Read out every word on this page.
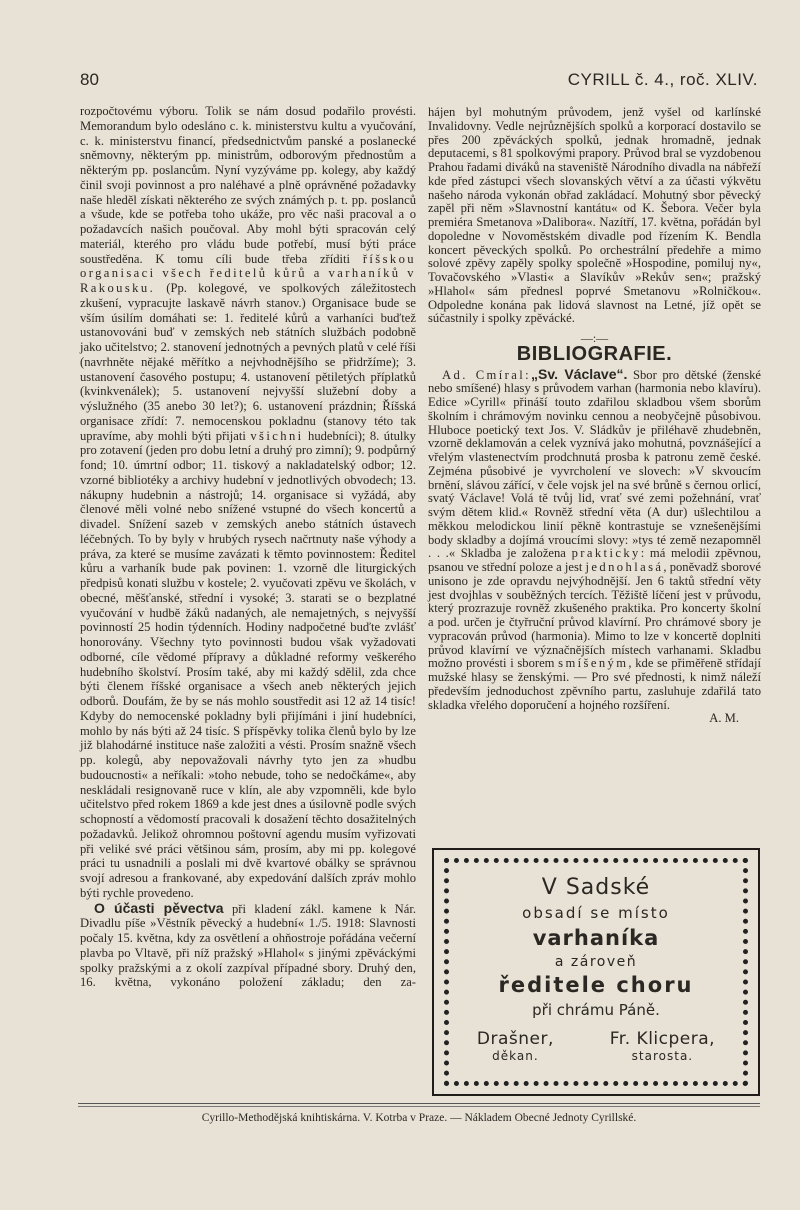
80	CYRILL č. 4., roč. XLIV.

rozpočtovému výboru. Tolik se nám dosud podařilo provésti. Memorandum bylo odesláno c. k. ministerstvu kultu a vyučování, c. k. ministerstvu financí, předsednictvům panské a poslanecké sněmovny, některým pp. ministrům, odborovým přednostům a některým pp. poslancům. Nyní vyzýváme pp. kolegy, aby každý činil svoji povinnost a pro naléhavé a plně oprávněné požadavky naše hleděl získati některého ze svých známých p. t. pp. poslanců a všude, kde se potřeba toho ukáže, pro věc naši pracoval a o požadavcích našich poučoval. Aby mohl býti spracován celý materiál, kterého pro vládu bude potřebí, musí býti práce soustředěna. K tomu cíli bude třeba zříditi říšskou organisaci všech ředitelů kůrů a varhaníků v Rakousku. (Pp. kolegové, ve spolkových záležitostech zkušení, vypracujte laskavě návrh stanov.) Organisace bude se vším úsilím domáhati se: 1. ředitelé kůrů a varhaníci buďtež ustanovováni buď v zemských neb státních službách podobně jako učitelstvo; 2. stanovení jednotných a pevných platů v celé říši (navrhněte nějaké měřítko a nejvhodnějšího se přidržíme); 3. ustanovení časového postupu; 4. ustanovení pětiletých příplatků (kvinkvenálek); 5. ustanovení nejvyšší služební doby a výslužného (35 anebo 30 let?); 6. ustanovení prázdnin; Říšská organisace zřídí: 7. nemocenskou pokladnu (stanovy této tak upravíme, aby mohli býti přijati všichni hudebníci); 8. útulky pro zotavení (jeden pro dobu letní a druhý pro zimní); 9. podpůrný fond; 10. úmrtní odbor; 11. tiskový a nakladatelský odbor; 12. vzorné bibliotéky a archivy hudební v jednotlivých obvodech; 13. nákupny hudebnin a nástrojů; 14. organisace si vyžádá, aby členové měli volné nebo snížené vstupné do všech koncertů a divadel. Snížení sazeb v zemských anebo státních ústavech léčebných. To by byly v hrubých rysech načrtnuty naše výhody a práva, za které se musíme zavázati k těmto povinnostem: Ředitel kůru a varhaník bude pak povinen: 1. vzorně dle liturgických předpisů konati službu v kostele; 2. vyučovati zpěvu ve školách, v obecné, měšťanské, střední i vysoké; 3. starati se o bezplatné vyučování v hudbě žáků nadaných, ale nemajetných, s nejvyšší povinností 25 hodin týdenních. Hodiny nadpočetné buďte zvlášť honorovány. Všechny tyto povinnosti budou však vyžadovati odborné, cíle vědomé přípravy a důkladné reformy veškerého hudebního školství. Prosím také, aby mi každý sdělil, zda chce býti členem říšské organisace a všech aneb některých jejich odborů. Doufám, že by se nás mohlo soustředit asi 12 až 14 tisíc! Kdyby do nemocenské pokladny byli přijímáni i jiní hudebníci, mohlo by nás býti až 24 tisíc. S příspěvky tolika členů bylo by lze již blahodárné instituce naše založiti a vésti. Prosím snažně všech pp. kolegů, aby nepovažovali návrhy tyto jen za »hudbu budoucnosti« a neříkali: »toho nebude, toho se nedočkáme«, aby neskládali resignovaně ruce v klín, ale aby vzpomněli, kde bylo učitelstvo před rokem 1869 a kde jest dnes a úsilovně podle svých schopností a vědomostí pracovali k dosažení těchto dosažitelných požadavků. Jelikož ohromnou poštovní agendu musím vyřizovati při veliké své práci většinou sám, prosím, aby mi pp. kolegové práci tu usnadnili a poslali mi dvě kvartové obálky se správnou svojí adresou a frankované, aby expedování dalších zpráv mohlo býti rychle provedeno.

O účasti pěvectva při kladení zákl. kamene k Nár. Divadlu píše »Věstník pěvecký a hudební« 1./5. 1918: Slavnosti počaly 15. května, kdy za osvětlení a ohňostroje pořádána večerní plavba po Vltavě, při níž pražský »Hlahol« s jinými zpěváckými spolky pražskými a z okolí zazpíval případné sbory. Druhý den, 16. května, vykonáno položení základu; den za-

hájen byl mohutným průvodem, jenž vyšel od karlínské Invalidovny. Vedle nejrůznějších spolků a korporací dostavilo se přes 200 zpěváckých spolků, jednak hromadně, jednak deputacemi, s 81 spolkovými prapory. Průvod bral se vyzdobenou Prahou řadami diváků na staveniště Národního divadla na nábřeží kde před zástupci všech slovanských větví a za účasti výkvětu našeho národa vykonán obřad zakládací. Mohutný sbor pěvecký zapěl při něm »Slavnostní kantátu« od K. Šebora. Večer byla premiéra Smetanova »Dalibora«. Nazítří, 17. května, pořádán byl dopoledne v Novoměstském divadle pod řízením K. Bendla koncert pěveckých spolků. Po orchestrální předehře a mimo solové zpěvy zapěly spolky společně »Hospodine, pomiluj ny«, Tovačovského »Vlasti« a Slavíkův »Rekův sen«; pražský »Hlahol« sám přednesl poprvé Smetanovu »Rolničkou«. Odpoledne konána pak lidová slavnost na Letné, jíž opět se súčastnily i spolky zpěvácké.

—:—
BIBLIOGRAFIE.

Ad. Cmíral:„Sv. Václave“. Sbor pro dětské (ženské nebo smíšené) hlasy s průvodem varhan (harmonia nebo klavíru). Edice »Cyrill« přináší touto zdařilou skladbou všem sborům školním i chrámovým novinku cennou a neobyčejně působivou. Hluboce poetický text Jos. V. Sládkův je přiléhavě zhudebněn, vzorně deklamován a celek vyznívá jako mohutná, povznášející a vřelým vlastenectvím prodchnutá prosba k patronu země české. Zejména působivé je vyvrcholení ve slovech: »V skvoucím brnění, slávou zářící, v čele vojsk jel na své brůně s černou orlicí, svatý Václave! Volá tě tvůj lid, vrať své zemi požehnání, vrať svým dětem klid.« Rovněž střední věta (A dur) ušlechtilou a měkkou melodickou linií pěkně kontrastuje se vznešenějšími body skladby a dojímá vroucími slovy: »tys té země nezapomněl . . .« Skladba je založena prakticky: má melodii zpěvnou, psanou ve střední poloze a jest jednohlasá, poněvadž sborové unisono je zde opravdu nejvýhodnější. Jen 6 taktů střední věty jest dvojhlas v souběžných tercích. Těžiště líčení jest v průvodu, který prozrazuje rovněž zkušeného praktika. Pro koncerty školní a pod. určen je čtyřruční průvod klavírní. Pro chrámové sbory je vypracován průvod (harmonia). Mimo to lze v koncertě doplniti průvod klavírní ve význačnějších místech varhanami. Skladbu možno provésti i sborem smíšeným, kde se přiměřeně střídají mužské hlasy se ženskými. — Pro své přednosti, k nimž náleží především jednoduchost zpěvního partu, zasluhuje zdařilá tato skladka vřelého doporučení a hojného rozšíření.

A. M.
V Sadské
obsadí se místo
varhaníka
a zároveň
ředitele choru
při chrámu Páně.
Drašner,
děkan.
Fr. Klicpera,
starosta.
Cyrillo-Methodějská knihtiskárna. V. Kotrba v Praze. — Nákladem Obecné Jednoty Cyrillské.
